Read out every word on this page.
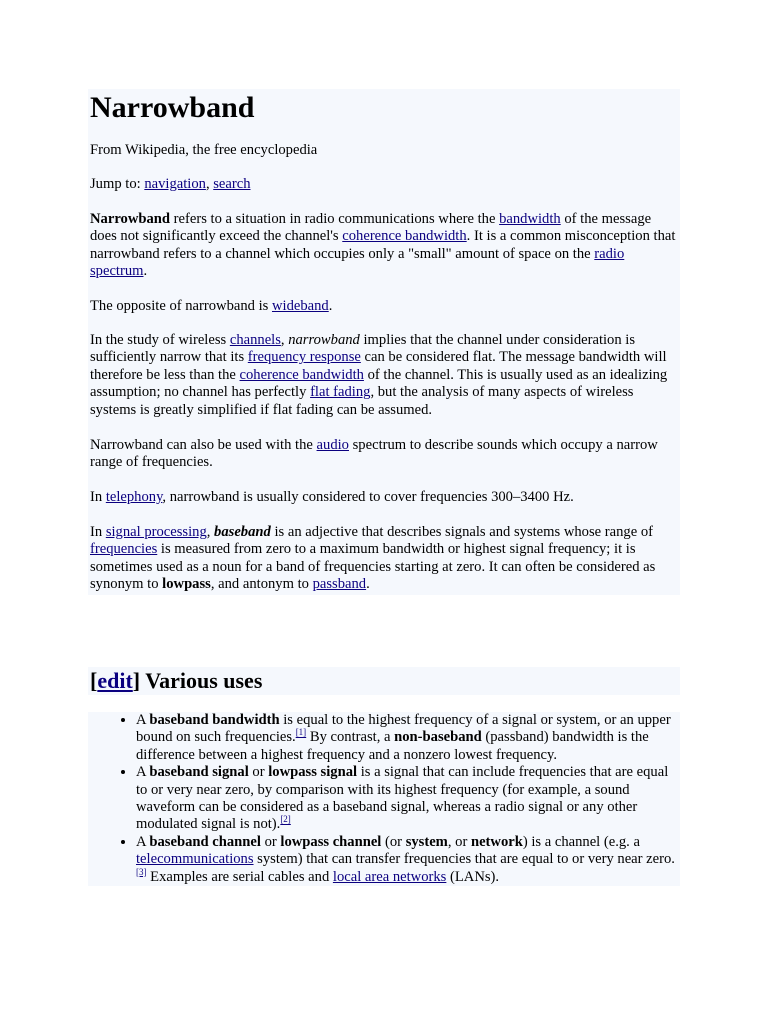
Narrowband

From Wikipedia, the free encyclopedia

Jump to: navigation, search

Narrowband refers to a situation in radio communications where the bandwidth of the message does not significantly exceed the channel's coherence bandwidth. It is a common misconception that narrowband refers to a channel which occupies only a "small" amount of space on the radio spectrum.

The opposite of narrowband is wideband.

In the study of wireless channels, narrowband implies that the channel under consideration is sufficiently narrow that its frequency response can be considered flat. The message bandwidth will therefore be less than the coherence bandwidth of the channel. This is usually used as an idealizing assumption; no channel has perfectly flat fading, but the analysis of many aspects of wireless systems is greatly simplified if flat fading can be assumed.

Narrowband can also be used with the audio spectrum to describe sounds which occupy a narrow range of frequencies.

In telephony, narrowband is usually considered to cover frequencies 300–3400 Hz.

In signal processing, baseband is an adjective that describes signals and systems whose range of frequencies is measured from zero to a maximum bandwidth or highest signal frequency; it is sometimes used as a noun for a band of frequencies starting at zero. It can often be considered as synonym to lowpass, and antonym to passband.

[edit] Various uses
• A baseband bandwidth is equal to the highest frequency of a signal or system, or an upper bound on such frequencies.[1] By contrast, a non-baseband (passband) bandwidth is the difference between a highest frequency and a nonzero lowest frequency.
• A baseband signal or lowpass signal is a signal that can include frequencies that are equal to or very near zero, by comparison with its highest frequency (for example, a sound waveform can be considered as a baseband signal, whereas a radio signal or any other modulated signal is not).[2]
• A baseband channel or lowpass channel (or system, or network) is a channel (e.g. a telecommunications system) that can transfer frequencies that are equal to or very near zero.[3] Examples are serial cables and local area networks (LANs).
